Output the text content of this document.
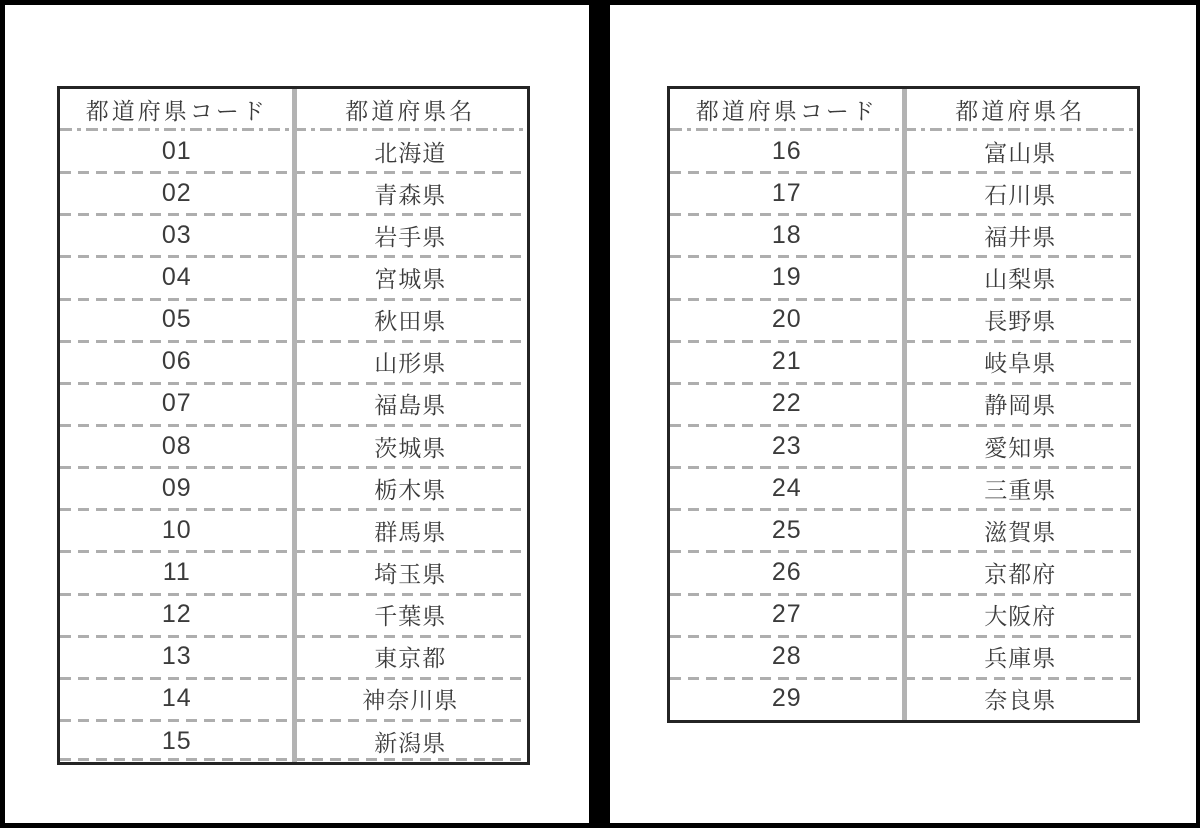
都道府県コード	都道府県名
01	北海道
02	青森県
03	岩手県
04	宮城県
05	秋田県
06	山形県
07	福島県
08	茨城県
09	栃木県
10	群馬県
11	埼玉県
12	千葉県
13	東京都
14	神奈川県
15	新潟県
都道府県コード	都道府県名
16	富山県
17	石川県
18	福井県
19	山梨県
20	長野県
21	岐阜県
22	静岡県
23	愛知県
24	三重県
25	滋賀県
26	京都府
27	大阪府
28	兵庫県
29	奈良県
